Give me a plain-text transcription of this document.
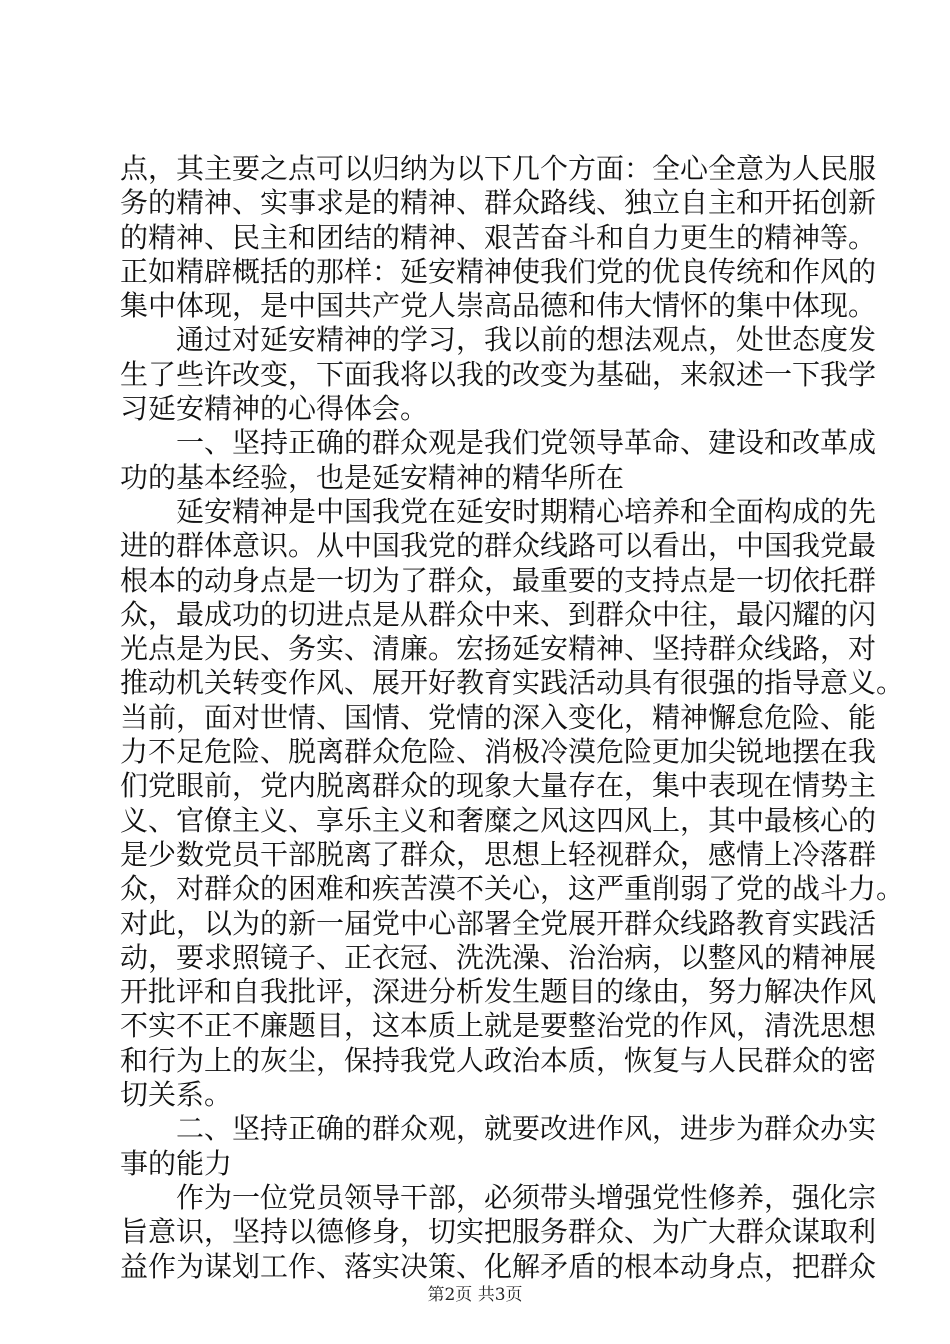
点，其主要之点可以归纳为以下几个方面：全心全意为人民服
务的精神、实事求是的精神、群众路线、独立自主和开拓创新
的精神、民主和团结的精神、艰苦奋斗和自力更生的精神等。
正如精辟概括的那样：延安精神使我们党的优良传统和作风的
集中体现，是中国共产党人崇高品德和伟大情怀的集中体现。
通过对延安精神的学习，我以前的想法观点，处世态度发
生了些许改变，下面我将以我的改变为基础，来叙述一下我学
习延安精神的心得体会。
一、坚持正确的群众观是我们党领导革命、建设和改革成
功的基本经验，也是延安精神的精华所在
延安精神是中国我党在延安时期精心培养和全面构成的先
进的群体意识。从中国我党的群众线路可以看出，中国我党最
根本的动身点是一切为了群众，最重要的支持点是一切依托群
众，最成功的切进点是从群众中来、到群众中往，最闪耀的闪
光点是为民、务实、清廉。宏扬延安精神、坚持群众线路，对
推动机关转变作风、展开好教育实践活动具有很强的指导意义。
当前，面对世情、国情、党情的深入变化，精神懈怠危险、能
力不足危险、脱离群众危险、消极冷漠危险更加尖锐地摆在我
们党眼前，党内脱离群众的现象大量存在，集中表现在情势主
义、官僚主义、享乐主义和奢糜之风这四风上，其中最核心的
是少数党员干部脱离了群众，思想上轻视群众，感情上冷落群
众，对群众的困难和疾苦漠不关心，这严重削弱了党的战斗力。
对此，以为的新一届党中心部署全党展开群众线路教育实践活
动，要求照镜子、正衣冠、洗洗澡、治治病，以整风的精神展
开批评和自我批评，深进分析发生题目的缘由，努力解决作风
不实不正不廉题目，这本质上就是要整治党的作风，清洗思想
和行为上的灰尘，保持我党人政治本质，恢复与人民群众的密
切关系。
二、坚持正确的群众观，就要改进作风，进步为群众办实
事的能力
作为一位党员领导干部，必须带头增强党性修养，强化宗
旨意识，坚持以德修身，切实把服务群众、为广大群众谋取利
益作为谋划工作、落实决策、化解矛盾的根本动身点，把群众
第2页 共3页
